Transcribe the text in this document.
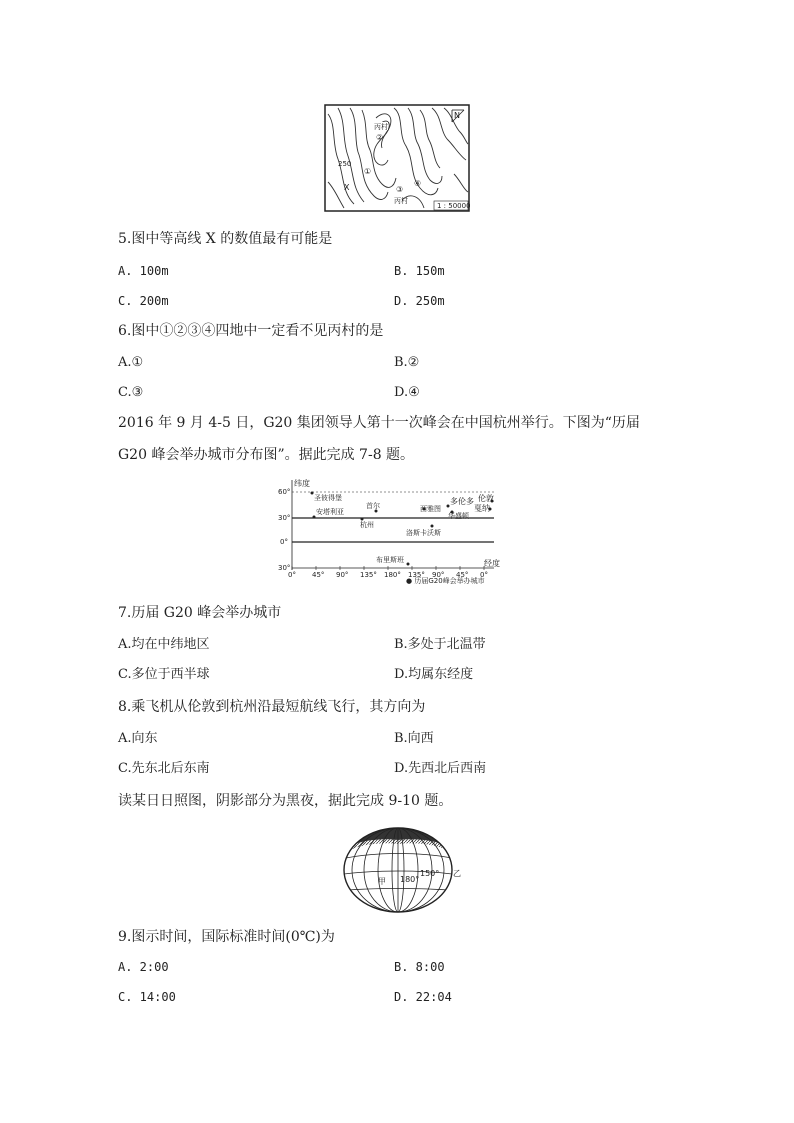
N
丙村
②
250
①
X	③
④
丙村
1 : 50000
5.图中等高线 X 的数值最有可能是
A. 100m	B. 150m
C. 200m	D. 250m
6.图中①②③④四地中一定看不见丙村的是
A.①	B.②
C.③	D.④
2016 年 9 月 4-5 日，G20 集团领导人第十一次峰会在中国杭州举行。下图为“历届
G20 峰会举办城市分布图”。据此完成 7-8 题。
纬度
60°
30°
0°
30°
0° 45° 90° 135° 180° 135° 90° 45° 0°
经度
圣彼得堡
首尔
安塔利亚
杭州
多伦多 伦敦
西雅图
华盛顿
戛纳
洛斯卡沃斯
布里斯班
● 历届G20峰会举办城市
7.历届 G20 峰会举办城市
A.均在中纬地区	B.多处于北温带
C.多位于西半球	D.均属东经度
8.乘飞机从伦敦到杭州沿最短航线飞行，其方向为
A.向东	B.向西
C.先东北后东南	D.先西北后西南
读某日日照图，阴影部分为黑夜，据此完成 9-10 题。
甲 180°
150° 乙
9.图示时间，国际标准时间(0℃)为
A. 2:00	B. 8:00
C. 14:00	D. 22:04
